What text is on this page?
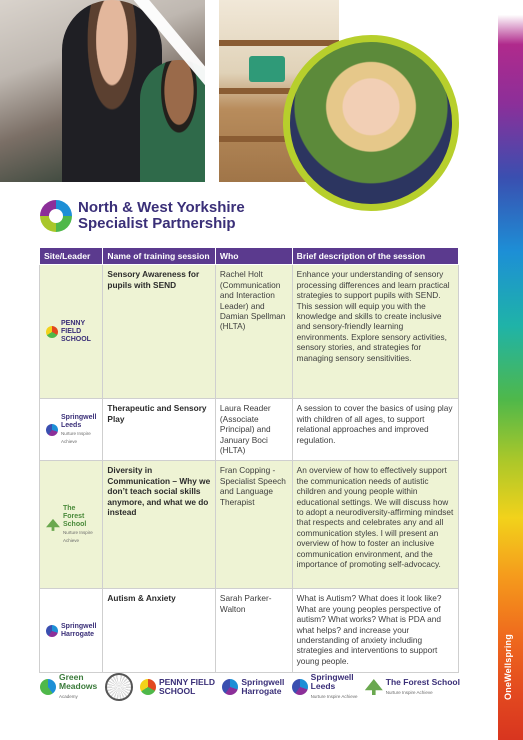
OneWellspring
North & West Yorkshire
Specialist Partnership
Site/Leader	Name of training session	Who	Brief description of the session

PENNY FIELD
SCHOOL	Sensory Awareness for pupils with SEND	Rachel Holt (Communication and Interaction Leader) and Damian Spellman (HLTA)	Enhance your understanding of sensory processing differences and learn practical strategies to support pupils with SEND. This session will equip you with the knowledge and skills to create inclusive and sensory-friendly learning environments. Explore sensory activities, sensory stories, and strategies for managing sensory sensitivities.

Springwell
Leeds
Nurture Inspire Achieve	Therapeutic and Sensory Play	Laura Reader (Associate Principal) and January Boci (HLTA)	A session to cover the basics of using play with children of all ages, to support relational approaches and improved regulation.

The Forest School
Nurture Inspire Achieve	Diversity in Communication – Why we don’t teach social skills anymore, and what we do instead	Fran Copping - Specialist Speech and Language Therapist	An overview of how to effectively support the communication needs of autistic children and young people within educational settings. We will discuss how to adopt a neurodiversity-affirming mindset that respects and celebrates any and all communication styles. I will present an overview of how to foster an inclusive communication environment, and the importance of promoting self-advocacy.

Springwell
Harrogate	Autism & Anxiety	Sarah Parker-Walton	What is Autism? What does it look like? What are young peoples perspective of autism? What works? What is PDA and what helps? and increase your understanding of anxiety including strategies and interventions to support young people.
Green
Meadows
Academy
PENNY FIELD
SCHOOL
Springwell
Harrogate
Springwell
Leeds
Nurture Inspire Achieve
The Forest School
Nurture Inspire Achieve
